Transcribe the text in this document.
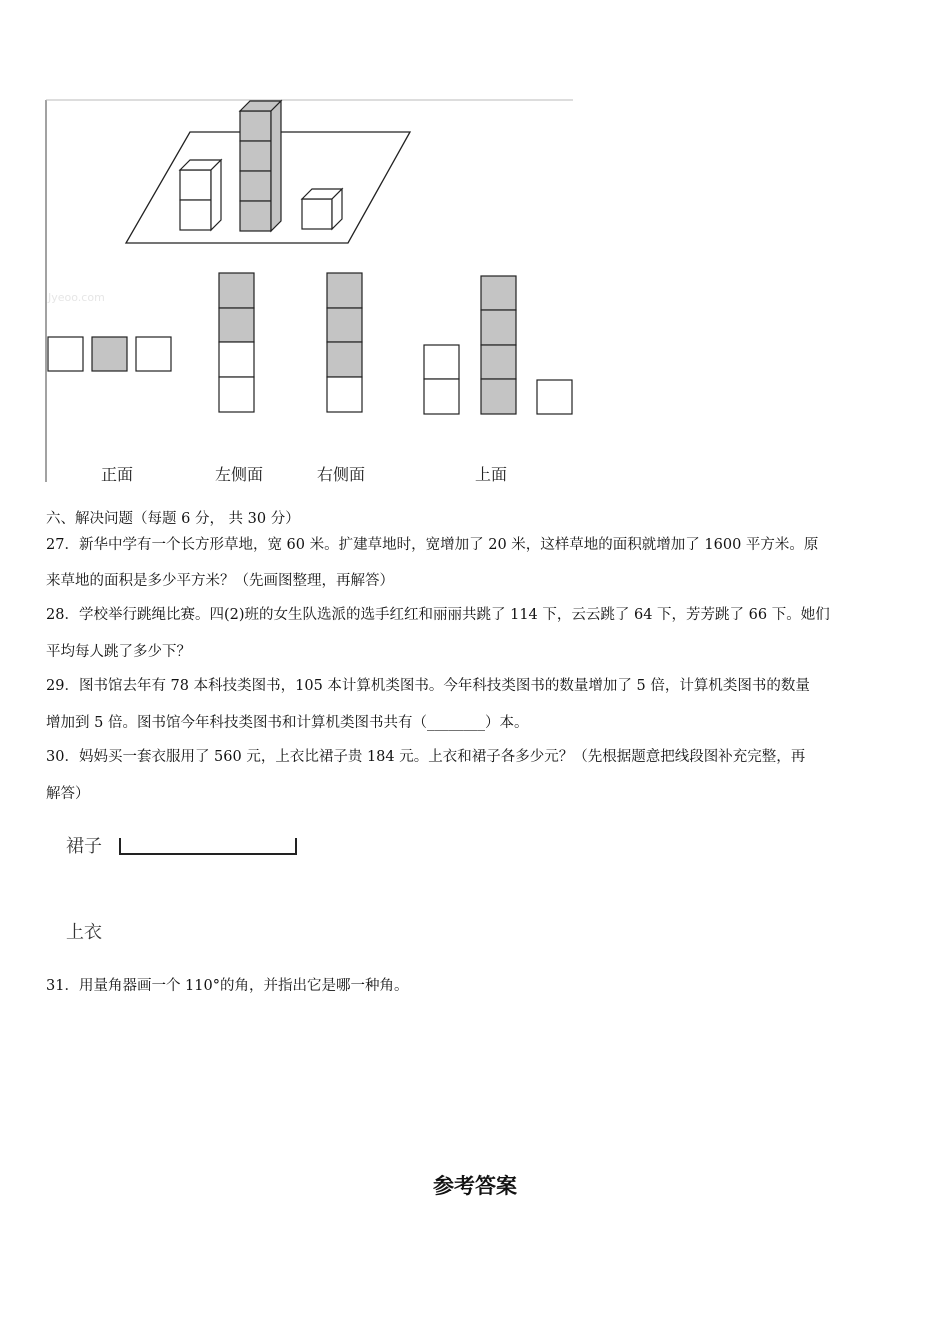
Jyeoo.com
正面	左侧面	右侧面	上面
六、解决问题（每题 6 分， 共 30 分）
27．新华中学有一个长方形草地，宽 60 米。扩建草地时，宽增加了 20 米，这样草地的面积就增加了 1600 平方米。原
来草地的面积是多少平方米？（先画图整理，再解答）
28．学校举行跳绳比赛。四(2)班的女生队选派的选手红红和丽丽共跳了 114 下，云云跳了 64 下，芳芳跳了 66 下。她们
平均每人跳了多少下？
29．图书馆去年有 78 本科技类图书，105 本计算机类图书。今年科技类图书的数量增加了 5 倍，计算机类图书的数量
增加到 5 倍。图书馆今年科技类图书和计算机类图书共有（________）本。
30．妈妈买一套衣服用了 560 元，上衣比裙子贵 184 元。上衣和裙子各多少元？（先根据题意把线段图补充完整，再
解答）
裙子
上衣
31．用量角器画一个 110°的角，并指出它是哪一种角。
参考答案
